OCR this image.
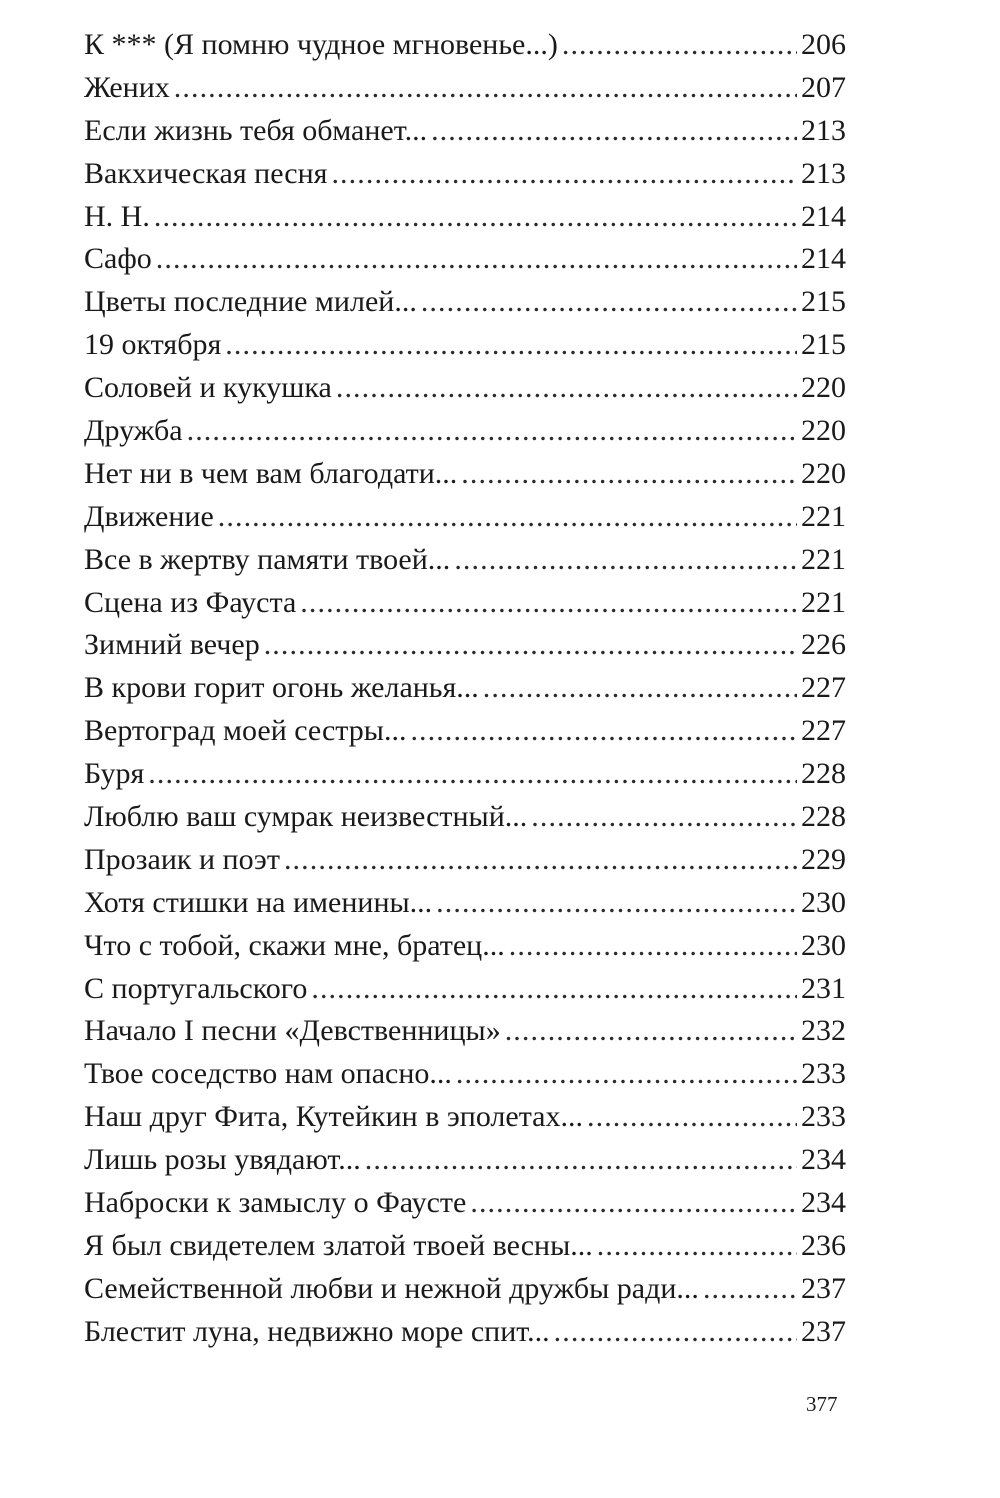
К *** (Я помню чудное мгновенье...) . . .	206
Жених . . .	207
Если жизнь тебя обманет... . . .	213
Вакхическая песня . . .	213
Н. Н. . . .	214
Сафо . . .	214
Цветы последние милей... . . .	215
19 октября . . .	215
Соловей и кукушка . . .	220
Дружба . . .	220
Нет ни в чем вам благодати... . . .	220
Движение . . .	221
Все в жертву памяти твоей... . . .	221
Сцена из Фауста . . .	221
Зимний вечер . . .	226
В крови горит огонь желанья... . . .	227
Вертоград моей сестры... . . .	227
Буря . . .	228
Люблю ваш сумрак неизвестный... . . .	228
Прозаик и поэт . . .	229
Хотя стишки на именины... . . .	230
Что с тобой, скажи мне, братец... . . .	230
С португальского . . .	231
Начало I песни «Девственницы» . . .	232
Твое соседство нам опасно... . . .	233
Наш друг Фита, Кутейкин в эполетах... . . .	233
Лишь розы увядают... . . .	234
Наброски к замыслу о Фаусте . . .	234
Я был свидетелем златой твоей весны... . . .	236
Семейственной любви и нежной дружбы ради... . . .	237
Блестит луна, недвижно море спит... . . .	237
377
